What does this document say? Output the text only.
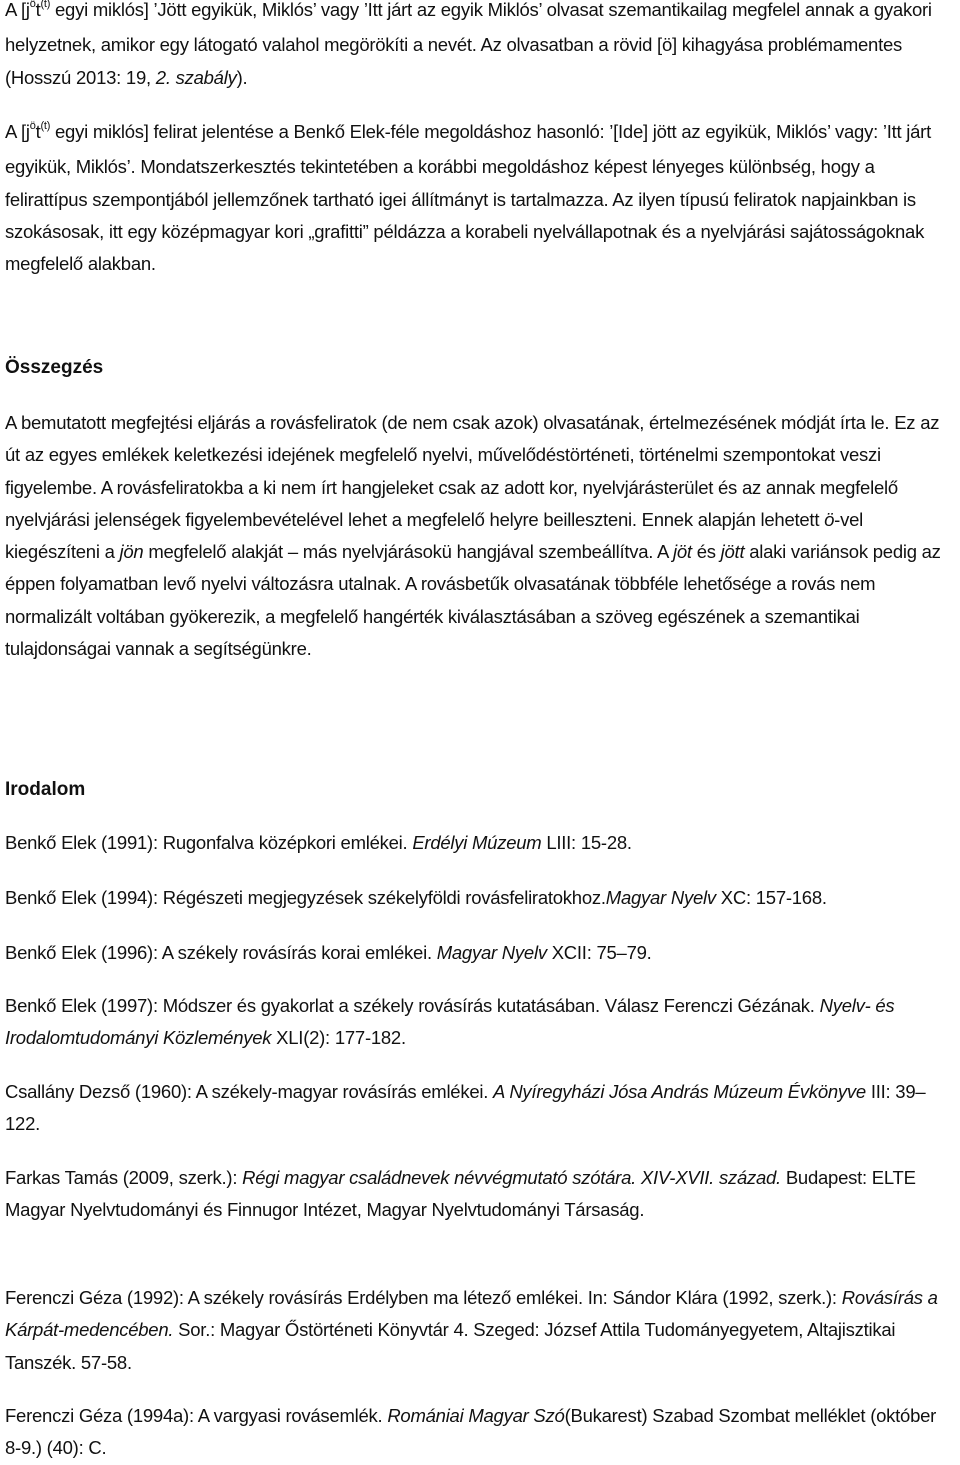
A [$j^öt^{(t)}$ egyi miklós] ’Jött egyikük, Miklós’ vagy ’Itt járt az egyik Miklós’ olvasat szemantikailag megfelel annak a gyakori helyzetnek, amikor egy látogató valahol megörökíti a nevét. Az olvasatban a rövid [ö] kihagyása problémamentes (Hosszú 2013: 19, 2. szabály).

A [$j^öt^{(t)}$ egyi miklós] felirat jelentése a Benkő Elek-féle megoldáshoz hasonló: ’[Ide] jött az egyikük, Miklós’ vagy: ’Itt járt egyikük, Miklós’. Mondatszerkesztés tekintetében a korábbi megoldáshoz képest lényeges különbség, hogy a felirattípus szempontjából jellemzőnek tartható igei állítmányt is tartalmazza. Az ilyen típusú feliratok napjainkban is szokásosak, itt egy középmagyar kori „grafitti” példázza a korabeli nyelvállapotnak és a nyelvjárási sajátosságoknak megfelelő alakban.

Összegzés

A bemutatott megfejtési eljárás a rovásfeliratok (de nem csak azok) olvasatának, értelmezésének módját írta le. Ez az út az egyes emlékek keletkezési idejének megfelelő nyelvi, művelődéstörténeti, történelmi szempontokat veszi figyelembe. A rovásfeliratokba a ki nem írt hangjeleket csak az adott kor, nyelvjárásterület és az annak megfelelő nyelvjárási jelenségek figyelembevételével lehet a megfelelő helyre beilleszteni. Ennek alapján lehetett ö-vel kiegészíteni a jön megfelelő alakját – más nyelvjárásokü hangjával szembeállítva. A jöt és jött alaki variánsok pedig az éppen folyamatban levő nyelvi változásra utalnak. A rovásbetűk olvasatának többféle lehetősége a rovás nem normalizált voltában gyökerezik, a megfelelő hangérték kiválasztásában a szöveg egészének a szemantikai tulajdonságai vannak a segítségünkre.

Irodalom

Benkő Elek (1991): Rugonfalva középkori emlékei. Erdélyi Múzeum LIII: 15-28.

Benkő Elek (1994): Régészeti megjegyzések székelyföldi rovásfeliratokhoz.Magyar Nyelv XC: 157-168.

Benkő Elek (1996): A székely rovásírás korai emlékei. Magyar Nyelv XCII: 75–79.

Benkő Elek (1997): Módszer és gyakorlat a székely rovásírás kutatásában. Válasz Ferenczi Gézának. Nyelv- és Irodalomtudományi Közlemények XLI(2): 177-182.

Csallány Dezső (1960): A székely-magyar rovásírás emlékei. A Nyíregyházi Jósa András Múzeum Évkönyve III: 39–122.

Farkas Tamás (2009, szerk.): Régi magyar családnevek névvégmutató szótára. XIV-XVII. század. Budapest: ELTE Magyar Nyelvtudományi és Finnugor Intézet, Magyar Nyelvtudományi Társaság.

Ferenczi Géza (1992): A székely rovásírás Erdélyben ma létező emlékei. In: Sándor Klára (1992, szerk.): Rovásírás a Kárpát-medencében. Sor.: Magyar Őstörténeti Könyvtár 4. Szeged: József Attila Tudományegyetem, Altajisztikai Tanszék. 57-58.

Ferenczi Géza (1994a): A vargyasi rovásemlék. Romániai Magyar Szó(Bukarest) Szabad Szombat melléklet (október 8-9.) (40): C.
